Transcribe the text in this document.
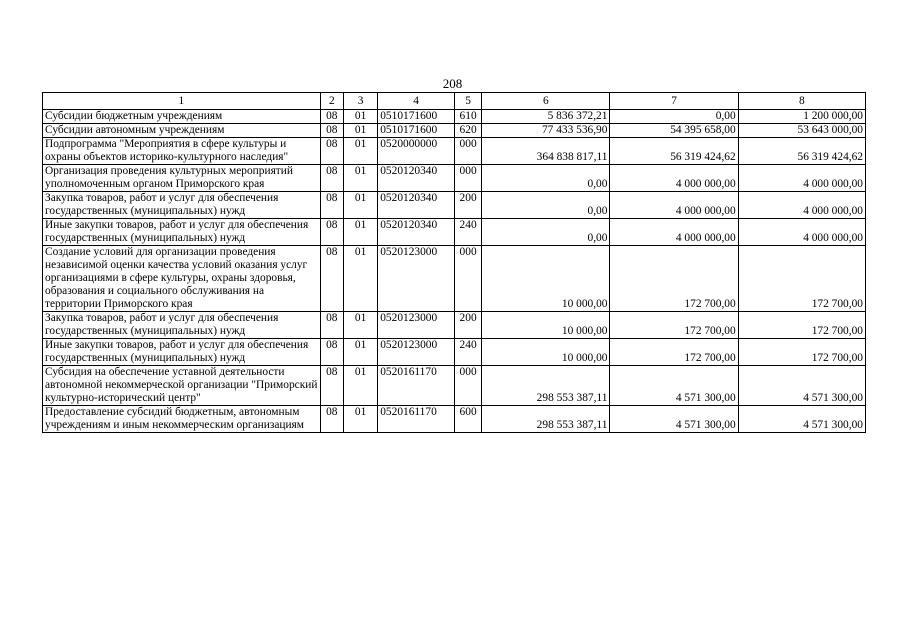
208
1	2	3	4	5	6	7	8
Субсидии бюджетным учреждениям	08	01	0510171600	610	5 836 372,21	0,00	1 200 000,00
Субсидии автономным учреждениям	08	01	0510171600	620	77 433 536,90	54 395 658,00	53 643 000,00
Подпрограмма "Мероприятия в сфере культуры и охраны объектов историко-культурного наследия"	08	01	0520000000	000	364 838 817,11	56 319 424,62	56 319 424,62
Организация проведения культурных мероприятий уполномоченным органом Приморского края	08	01	0520120340	000	0,00	4 000 000,00	4 000 000,00
Закупка товаров, работ и услуг для обеспечения государственных (муниципальных) нужд	08	01	0520120340	200	0,00	4 000 000,00	4 000 000,00
Иные закупки товаров, работ и услуг для обеспечения государственных (муниципальных) нужд	08	01	0520120340	240	0,00	4 000 000,00	4 000 000,00
Создание условий для организации проведения независимой оценки качества условий оказания услуг организациями в сфере культуры, охраны здоровья, образования и социального обслуживания на территории Приморского края	08	01	0520123000	000	10 000,00	172 700,00	172 700,00
Закупка товаров, работ и услуг для обеспечения государственных (муниципальных) нужд	08	01	0520123000	200	10 000,00	172 700,00	172 700,00
Иные закупки товаров, работ и услуг для обеспечения государственных (муниципальных) нужд	08	01	0520123000	240	10 000,00	172 700,00	172 700,00
Субсидия на обеспечение уставной деятельности автономной некоммерческой организации "Приморский культурно-исторический центр"	08	01	0520161170	000	298 553 387,11	4 571 300,00	4 571 300,00
Предоставление субсидий бюджетным, автономным учреждениям и иным некоммерческим организациям	08	01	0520161170	600	298 553 387,11	4 571 300,00	4 571 300,00
